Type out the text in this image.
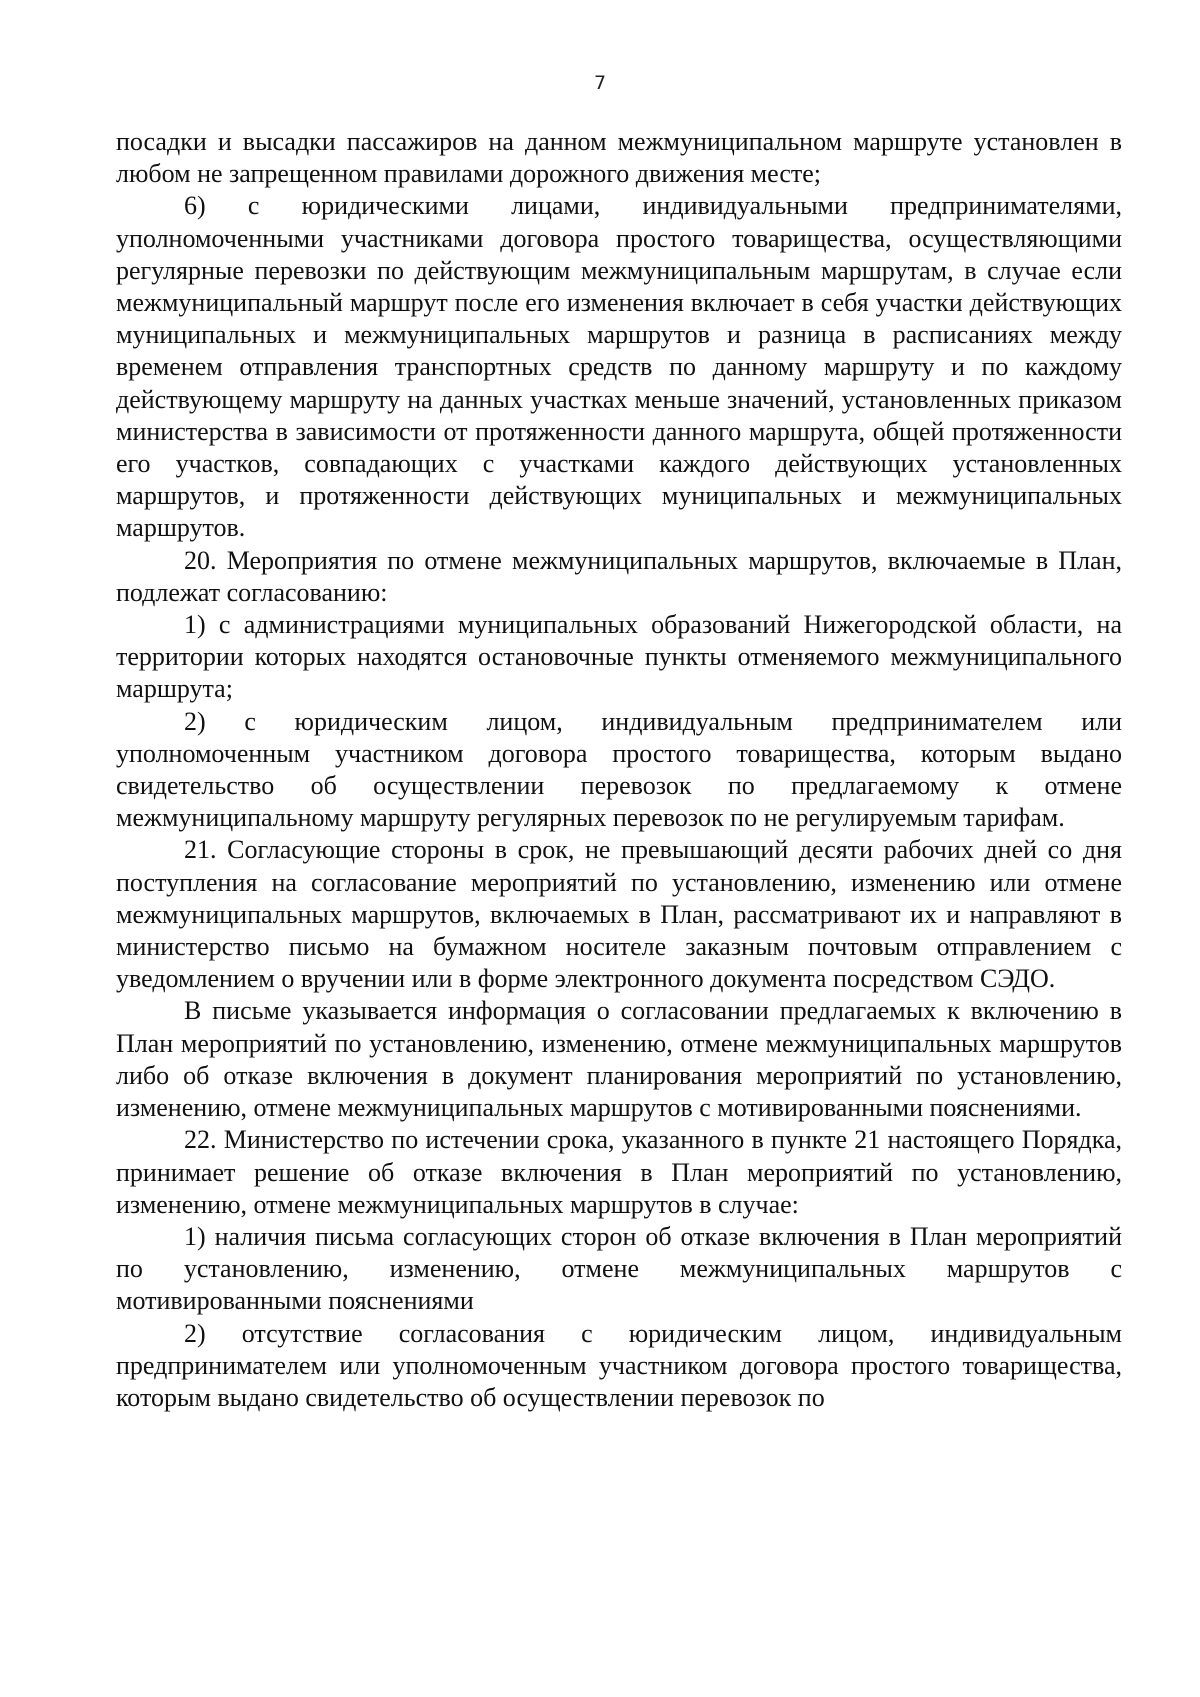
7

посадки и высадки пассажиров на данном межмуниципальном маршруте установлен в любом не запрещенном правилами дорожного движения месте;

6) с юридическими лицами, индивидуальными предпринимателями, уполномоченными участниками договора простого товарищества, осуществляющими регулярные перевозки по действующим межмуниципальным маршрутам, в случае если межмуниципальный маршрут после его изменения включает в себя участки действующих муниципальных и межмуниципальных маршрутов и разница в расписаниях между временем отправления транспортных средств по данному маршруту и по каждому действующему маршруту на данных участках меньше значений, установленных приказом министерства в зависимости от протяженности данного маршрута, общей протяженности его участков, совпадающих с участками каждого действующих установленных маршрутов, и протяженности действующих муниципальных и межмуниципальных маршрутов.

20. Мероприятия по отмене межмуниципальных маршрутов, включаемые в План, подлежат согласованию:

1) с администрациями муниципальных образований Нижегородской области, на территории которых находятся остановочные пункты отменяемого межмуниципального маршрута;

2) с юридическим лицом, индивидуальным предпринимателем или уполномоченным участником договора простого товарищества, которым выдано свидетельство об осуществлении перевозок по предлагаемому к отмене межмуниципальному маршруту регулярных перевозок по не регулируемым тарифам.

21. Согласующие стороны в срок, не превышающий десяти рабочих дней со дня поступления на согласование мероприятий по установлению, изменению или отмене межмуниципальных маршрутов, включаемых в План, рассматривают их и направляют в министерство письмо на бумажном носителе заказным почтовым отправлением с уведомлением о вручении или в форме электронного документа посредством СЭДО.

В письме указывается информация о согласовании предлагаемых к включению в План мероприятий по установлению, изменению, отмене межмуниципальных маршрутов либо об отказе включения в документ планирования мероприятий по установлению, изменению, отмене межмуниципальных маршрутов с мотивированными пояснениями.

22. Министерство по истечении срока, указанного в пункте 21 настоящего Порядка, принимает решение об отказе включения в План мероприятий по установлению, изменению, отмене межмуниципальных маршрутов в случае:

1) наличия письма согласующих сторон об отказе включения в План мероприятий по установлению, изменению, отмене межмуниципальных маршрутов с мотивированными пояснениями

2) отсутствие согласования с юридическим лицом, индивидуальным предпринимателем или уполномоченным участником договора простого товарищества, которым выдано свидетельство об осуществлении перевозок по
